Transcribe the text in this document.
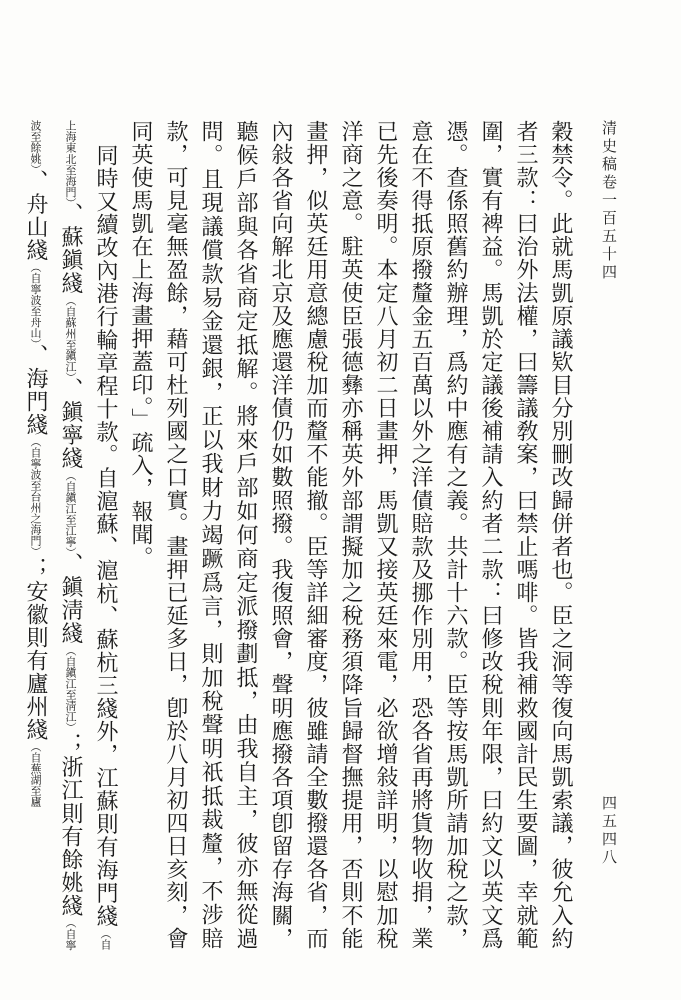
清史稿卷一百五十四
四五四八

穀禁令。此就馬凱原議欵目分別刪改歸併者也。臣之洞等復向馬凱索議，彼允入約者三款：曰治外法權，曰籌議敎案，曰禁止嗎啡。皆我補救國計民生要圖，幸就範圍，實有裨益。馬凱於定議後補請入約者二款：曰修改稅則年限，曰約文以英文爲憑。查係照舊約辦理，爲約中應有之義。共計十六款。臣等按馬凱所請加稅之款，意在不得抵原撥釐金五百萬以外之洋債賠款及挪作別用，恐各省再將貨物收捐，業已先後奏明。本定八月初二日畫押，馬凱又接英廷來電，必欲增敍詳明，以慰加稅洋商之意。駐英使臣張德彝亦稱英外部謂擬加之稅務須降旨歸督撫提用，否則不能畫押，似英廷用意總慮稅加而釐不能撤。臣等詳細審度，彼雖請全數撥還各省，而內敍各省向解北京及應還洋債仍如數照撥。我復照會，聲明應撥各項卽留存海關，聽候戶部與各省商定抵解。將來戶部如何商定派撥劃抵，由我自主，彼亦無從過問。且現議償款易金還銀，正以我財力竭蹶爲言，則加稅聲明祇抵裁釐，不涉賠款，可見毫無盈餘，藉可杜列國之口實。畫押已延多日，卽於八月初四日亥刻，會同英使馬凱在上海畫押蓋印。」疏入，報聞。

同時又續改內港行輪章程十款。自滬蘇、滬杭、蘇杭三綫外，江蘇則有海門綫（自上海東北至海門）、蘇鎭綫（自蘇州至鎭江）、鎭寧綫（自鎭江至江寧）、鎭淸綫（自鎭江至淸江）；浙江則有餘姚綫（自寧波至餘姚）、舟山綫（自寧波至舟山）、海門綫（自寧波至台州之海門）；安徽則有廬州綫（自蕪湖至廬
